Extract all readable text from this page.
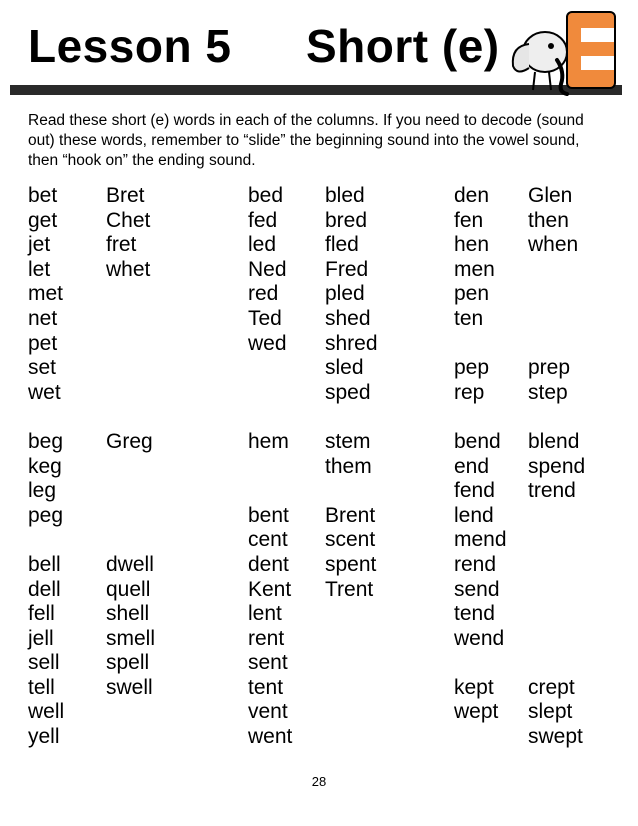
Lesson 5 Short (e)

Read these short (e) words in each of the columns. If you need to decode (sound out) these words, remember to “slide” the beginning sound into the vowel sound, then “hook on” the ending sound.

bet
get
jet
let
met
net
pet
set
wet
beg
keg
leg
peg
bell
dell
fell
jell
sell
tell
well
yell
Bret
Chet
fret
whet
Greg
dwell
quell
shell
smell
spell
swell
bed
fed
led
Ned
red
Ted
wed
hem
bent
cent
dent
Kent
lent
rent
sent
tent
vent
went
bled
bred
fled
Fred
pled
shed
shred
sled
sped
stem
them
Brent
scent
spent
Trent
den
fen
hen
men
pen
ten
pep
rep
bend
end
fend
lend
mend
rend
send
tend
wend
kept
wept
Glen
then
when
prep
step
blend
spend
trend
crept
slept
swept
28
